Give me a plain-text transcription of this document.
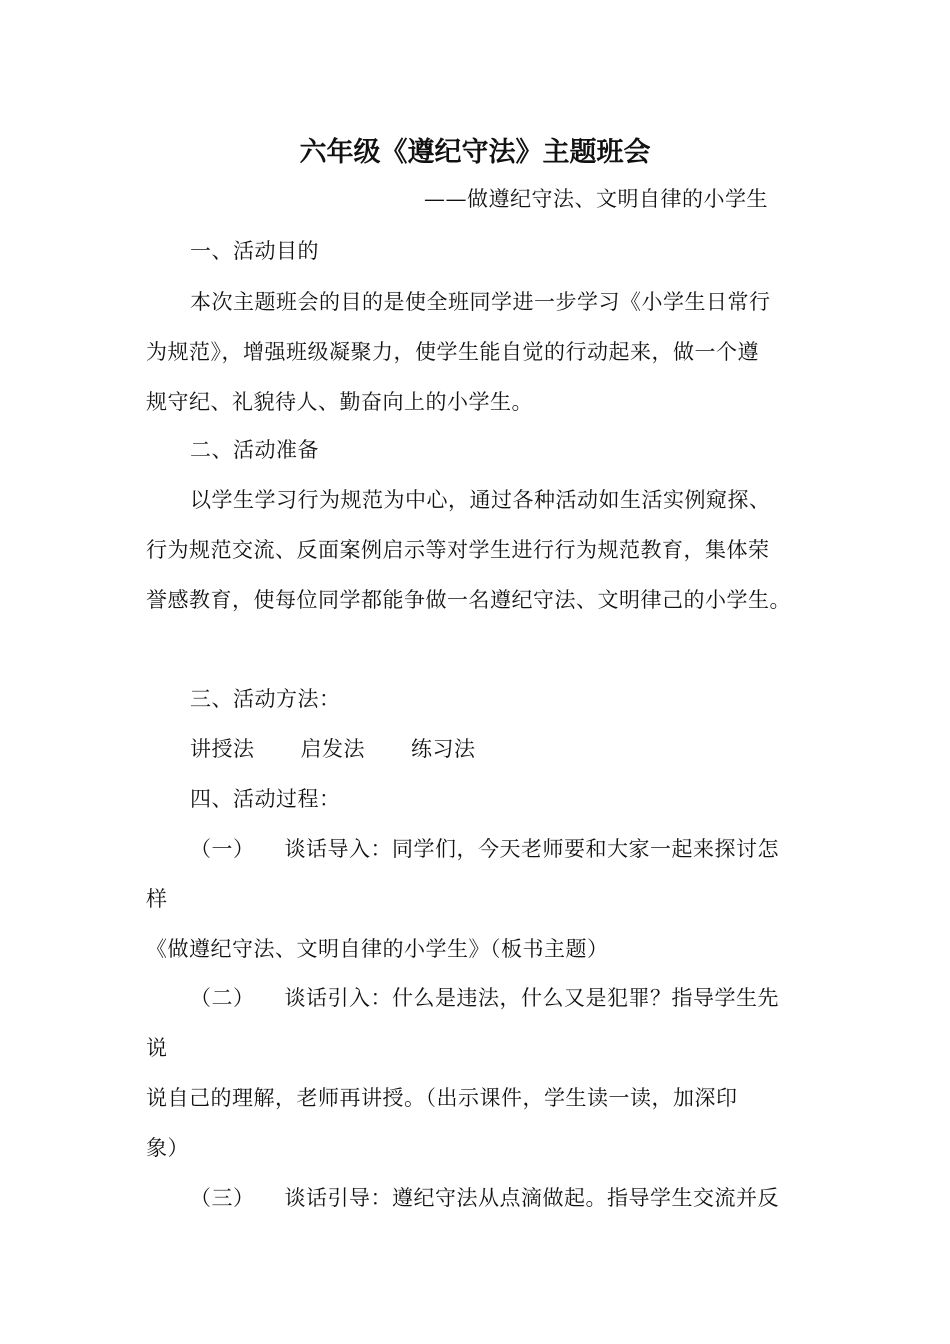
六年级《遵纪守法》主题班会
——做遵纪守法、文明自律的小学生
一、活动目的
本次主题班会的目的是使全班同学进一步学习《小学生日常行
为规范》，增强班级凝聚力，使学生能自觉的行动起来，做一个遵
规守纪、礼貌待人、勤奋向上的小学生。
二、活动准备
以学生学习行为规范为中心，通过各种活动如生活实例窥探、
行为规范交流、反面案例启示等对学生进行行为规范教育，集体荣
誉感教育，使每位同学都能争做一名遵纪守法、文明律己的小学生。
三、活动方法：
讲授法 启发法 练习法
四、活动过程：
（一） 谈话导入：同学们，今天老师要和大家一起来探讨怎
样
《做遵纪守法、文明自律的小学生》（板书主题）
（二） 谈话引入：什么是违法，什么又是犯罪？指导学生先
说
说自己的理解，老师再讲授。（出示课件，学生读一读，加深印
象）
（三） 谈话引导：遵纪守法从点滴做起。指导学生交流并反
